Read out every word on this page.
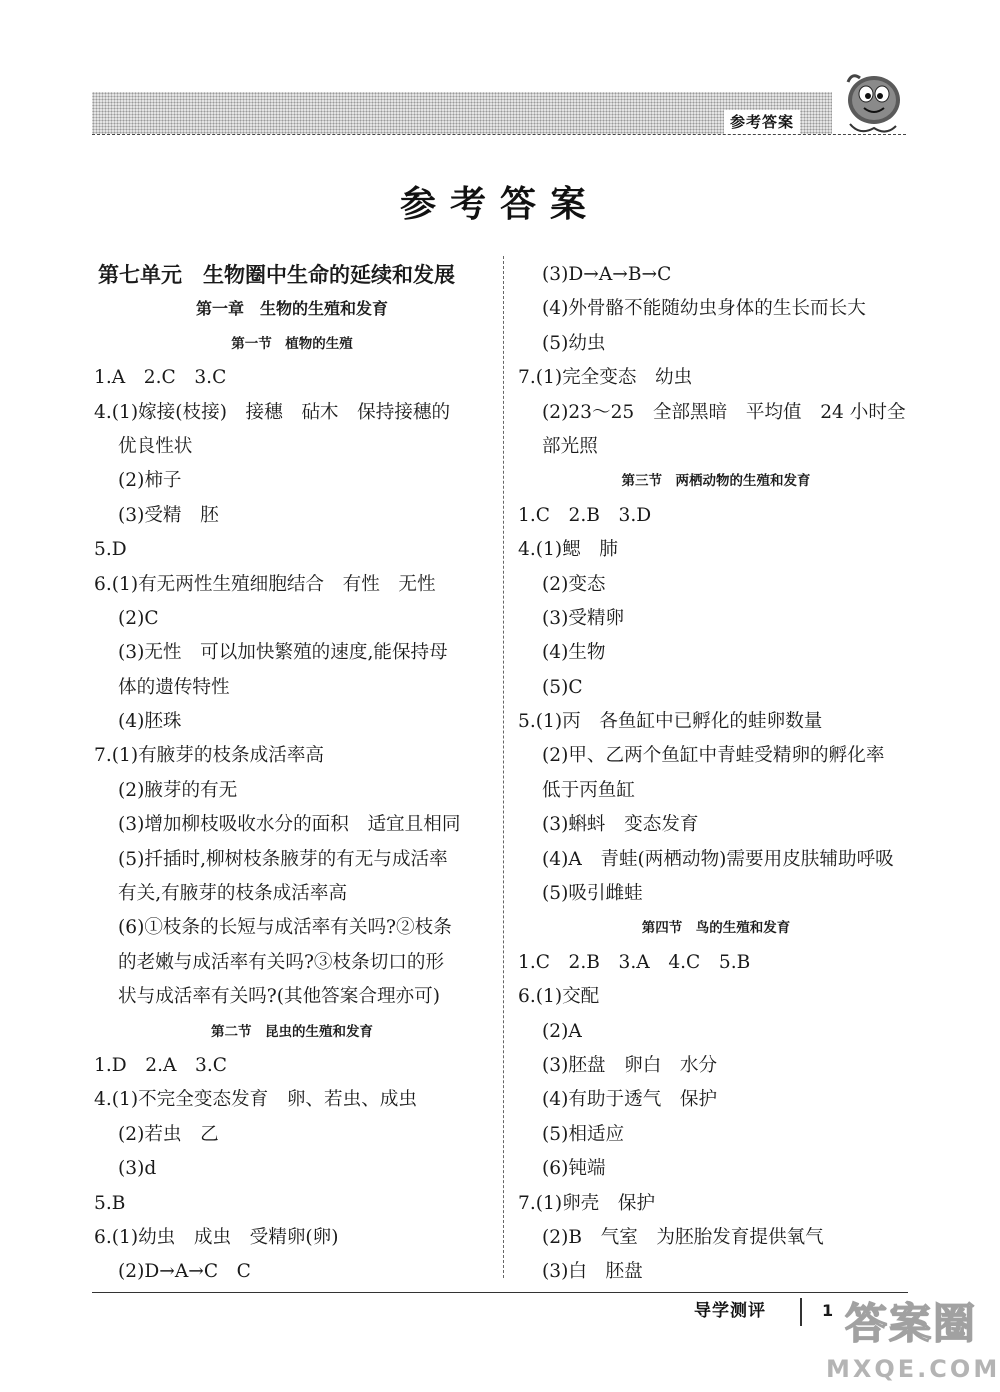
参考答案
参考答案
第七单元　生物圈中生命的延续和发展
第一章　生物的生殖和发育
第一节　植物的生殖
1.A　2.C　3.C
4.(1)嫁接(枝接)　接穗　砧木　保持接穗的
优良性状
(2)柿子
(3)受精　胚
5.D
6.(1)有无两性生殖细胞结合　有性　无性
(2)C
(3)无性　可以加快繁殖的速度,能保持母
体的遗传特性
(4)胚珠
7.(1)有腋芽的枝条成活率高
(2)腋芽的有无
(3)增加柳枝吸收水分的面积　适宜且相同
(5)扦插时,柳树枝条腋芽的有无与成活率
有关,有腋芽的枝条成活率高
(6)①枝条的长短与成活率有关吗?②枝条
的老嫩与成活率有关吗?③枝条切口的形
状与成活率有关吗?(其他答案合理亦可)
第二节　昆虫的生殖和发育
1.D　2.A　3.C
4.(1)不完全变态发育　卵、若虫、成虫
(2)若虫　乙
(3)d
5.B
6.(1)幼虫　成虫　受精卵(卵)
(2)D→A→C　C
(3)D→A→B→C
(4)外骨骼不能随幼虫身体的生长而长大
(5)幼虫
7.(1)完全变态　幼虫
(2)23～25　全部黑暗　平均值　24 小时全
部光照
第三节　两栖动物的生殖和发育
1.C　2.B　3.D
4.(1)鳃　肺
(2)变态
(3)受精卵
(4)生物
(5)C
5.(1)丙　各鱼缸中已孵化的蛙卵数量
(2)甲、乙两个鱼缸中青蛙受精卵的孵化率
低于丙鱼缸
(3)蝌蚪　变态发育
(4)A　青蛙(两栖动物)需要用皮肤辅助呼吸
(5)吸引雌蛙
第四节　鸟的生殖和发育
1.C　2.B　3.A　4.C　5.B
6.(1)交配
(2)A
(3)胚盘　卵白　水分
(4)有助于透气　保护
(5)相适应
(6)钝端
7.(1)卵壳　保护
(2)B　气室　为胚胎发育提供氧气
(3)白　胚盘
导学测评	1 答案圈
MXQE.COM
